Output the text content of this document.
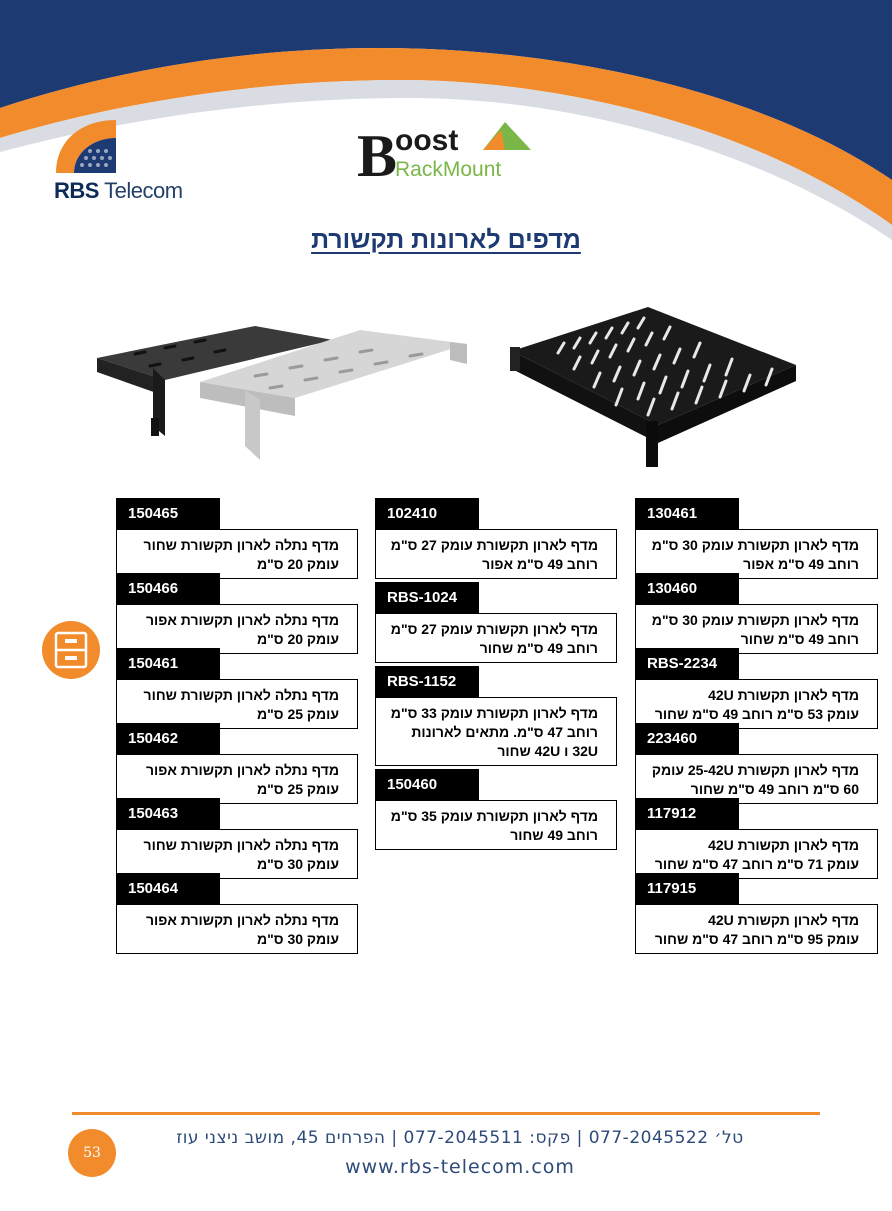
RBS Telecom
B
oost
RackMount
מדפים לארונות תקשורת
150465
מדף נתלה לארון תקשורת שחור
עומק 20 ס"מ
150466
מדף נתלה לארון תקשורת אפור
עומק 20 ס"מ
150461
מדף נתלה לארון תקשורת שחור
עומק 25 ס"מ
150462
מדף נתלה לארון תקשורת אפור
עומק 25 ס"מ
150463
מדף נתלה לארון תקשורת שחור
עומק 30 ס"מ
150464
מדף נתלה לארון תקשורת אפור
עומק 30 ס"מ
102410
מדף לארון תקשורת עומק 27 ס"מ
רוחב 49 ס"מ אפור
RBS-1024
מדף לארון תקשורת עומק 27 ס"מ
רוחב 49 ס"מ שחור
RBS-1152
מדף לארון תקשורת עומק 33 ס"מ
רוחב 47 ס"מ. מתאים לארונות
32U ו 42U שחור
150460
מדף לארון תקשורת עומק 35 ס"מ
רוחב 49 שחור
130461
מדף לארון תקשורת עומק 30 ס"מ
רוחב 49 ס"מ אפור
130460
מדף לארון תקשורת עומק 30 ס"מ
רוחב 49 ס"מ שחור
RBS-2234
מדף לארון תקשורת 42U
עומק 53 ס"מ רוחב 49 ס"מ שחור
223460
מדף לארון תקשורת 25-42U עומק
60 ס"מ רוחב 49 ס"מ שחור
117912
מדף לארון תקשורת 42U
עומק 71 ס"מ רוחב 47 ס"מ שחור
117915
מדף לארון תקשורת 42U
עומק 95 ס"מ רוחב 47 ס"מ שחור
טל׳ 077-2045522 | פקס: 077-2045511 | הפרחים 45, מושב ניצני עוז
www.rbs-telecom.com
53
